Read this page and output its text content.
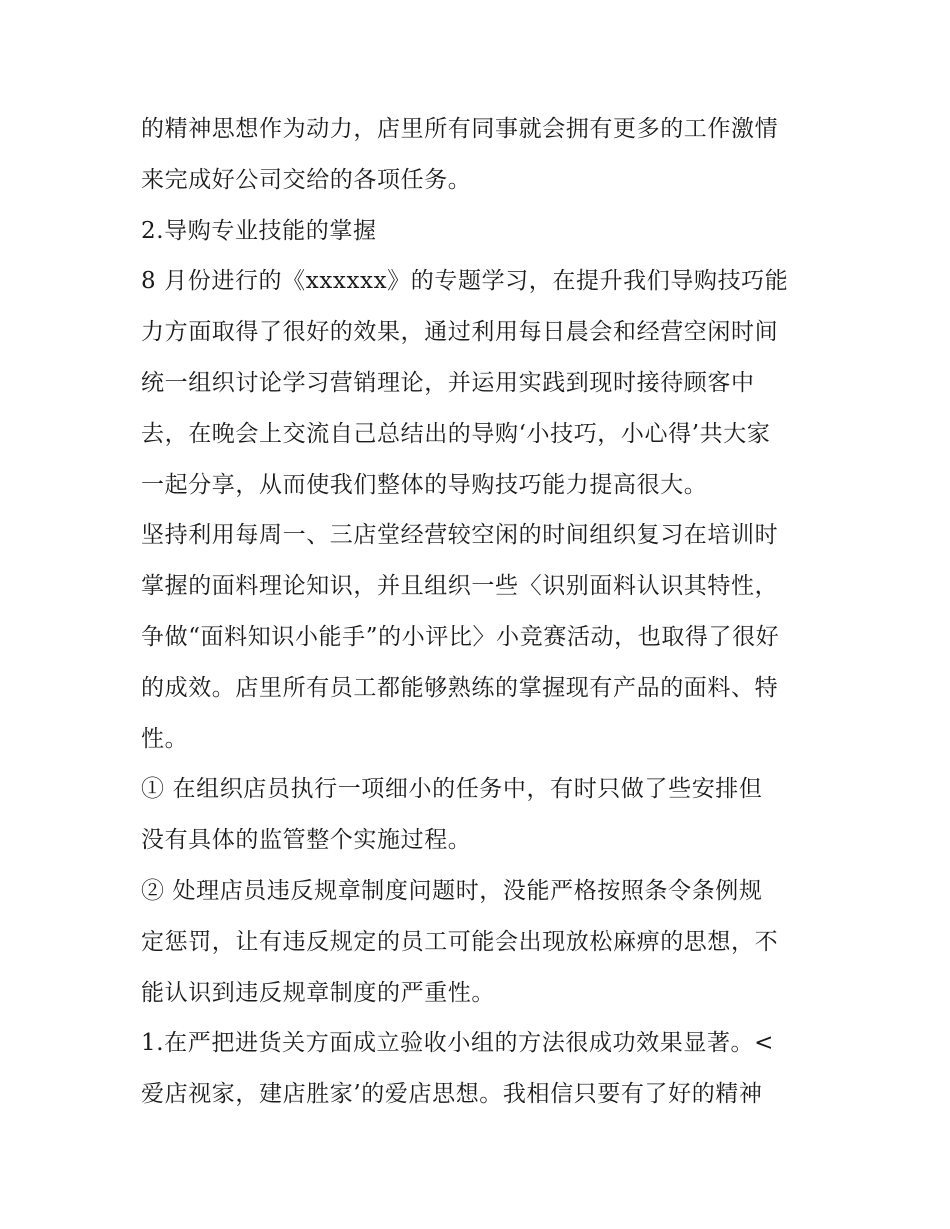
的精神思想作为动力，店里所有同事就会拥有更多的工作激情
来完成好公司交给的各项任务。

2.导购专业技能的掌握

8 月份进行的《xxxxxx》的专题学习，在提升我们导购技巧能
力方面取得了很好的效果，通过利用每日晨会和经营空闲时间
统一组织讨论学习营销理论，并运用实践到现时接待顾客中
去，在晚会上交流自己总结出的导购‘小技巧，小心得’共大家
一起分享，从而使我们整体的导购技巧能力提高很大。

坚持利用每周一、三店堂经营较空闲的时间组织复习在培训时
掌握的面料理论知识，并且组织一些〈识别面料认识其特性，
争做“面料知识小能手”的小评比〉小竞赛活动，也取得了很好
的成效。店里所有员工都能够熟练的掌握现有产品的面料、特
性。

① 在组织店员执行一项细小的任务中，有时只做了些安排但
没有具体的监管整个实施过程。

② 处理店员违反规章制度问题时，没能严格按照条令条例规
定惩罚，让有违反规定的员工可能会出现放松麻痹的思想，不
能认识到违反规章制度的严重性。

1.在严把进货关方面成立验收小组的方法很成功效果显著。<
爱店视家，建店胜家’的爱店思想。我相信只要有了好的精神
